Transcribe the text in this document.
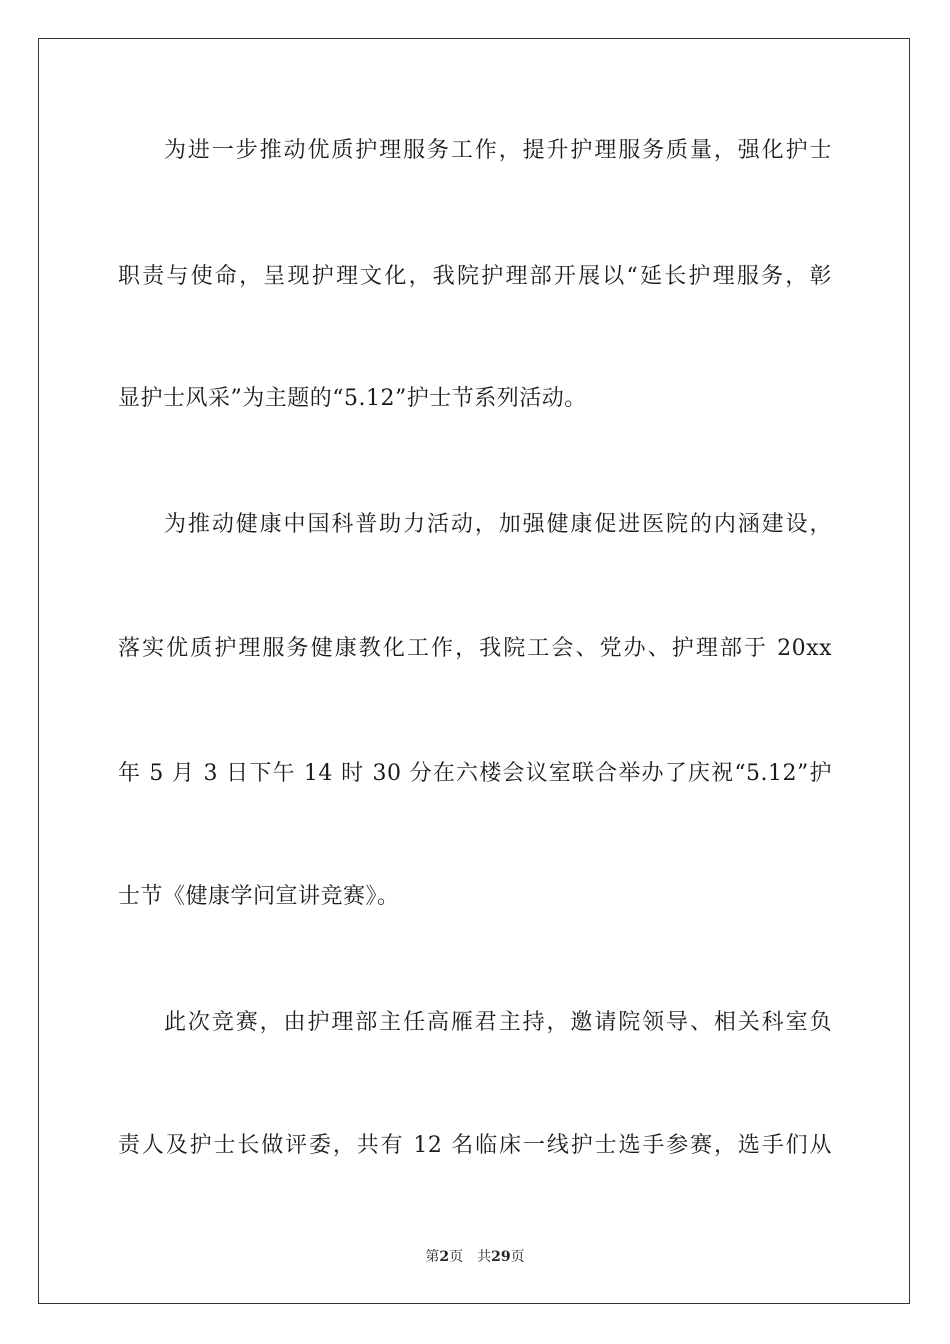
为进一步推动优质护理服务工作，提升护理服务质量，强化护士
职责与使命，呈现护理文化，我院护理部开展以“延长护理服务，彰
显护士风采”为主题的“5.12”护士节系列活动。
为推动健康中国科普助力活动，加强健康促进医院的内涵建设，
落实优质护理服务健康教化工作，我院工会、党办、护理部于 20xx
年 5 月 3 日下午 14 时 30 分在六楼会议室联合举办了庆祝“5.12”护
士节《健康学问宣讲竞赛》。
此次竞赛，由护理部主任高雁君主持，邀请院领导、相关科室负
责人及护士长做评委，共有 12 名临床一线护士选手参赛，选手们从
第2页 共29页
